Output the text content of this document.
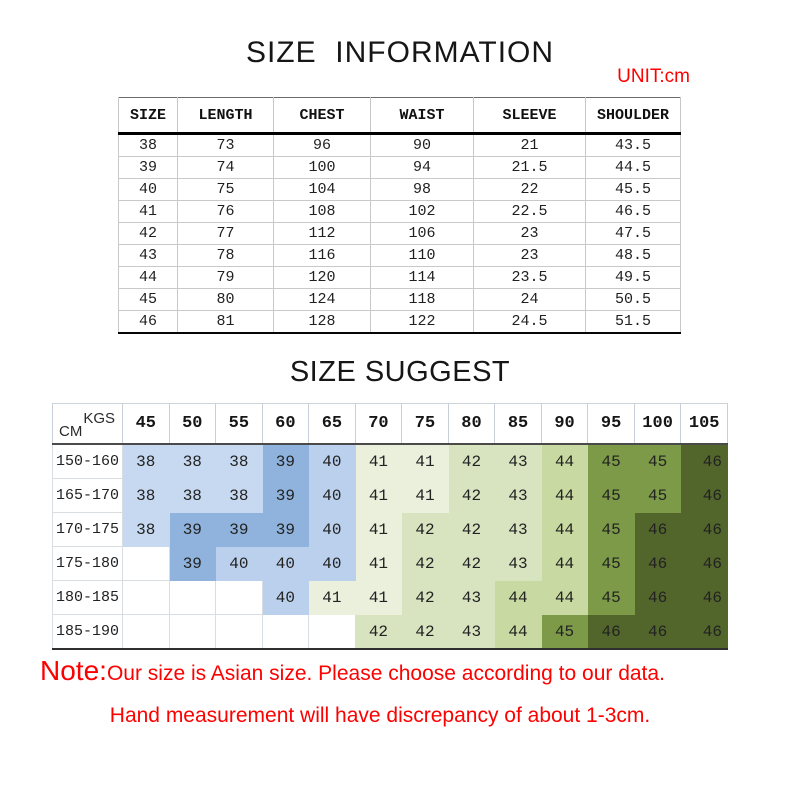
SIZE  INFORMATION
UNIT:cm
SIZE	LENGTH	CHEST	WAIST	SLEEVE	SHOULDER
38	73	96	90	21	43.5
39	74	100	94	21.5	44.5
40	75	104	98	22	45.5
41	76	108	102	22.5	46.5
42	77	112	106	23	47.5
43	78	116	110	23	48.5
44	79	120	114	23.5	49.5
45	80	124	118	24	50.5
46	81	128	122	24.5	51.5
SIZE SUGGEST
KGS
CM	45	50	55	60	65	70	75	80	85	90	95	100	105
150-160	38	38	38	39	40	41	41	42	43	44	45	45	46
165-170	38	38	38	39	40	41	41	42	43	44	45	45	46
170-175	38	39	39	39	40	41	42	42	43	44	45	46	46
175-180		39	40	40	40	41	42	42	43	44	45	46	46
180-185				40	41	41	42	43	44	44	45	46	46
185-190						42	42	43	44	45	46	46	46
Note:Our size is Asian size. Please choose according to our data.
Hand measurement will have discrepancy of about 1-3cm.
